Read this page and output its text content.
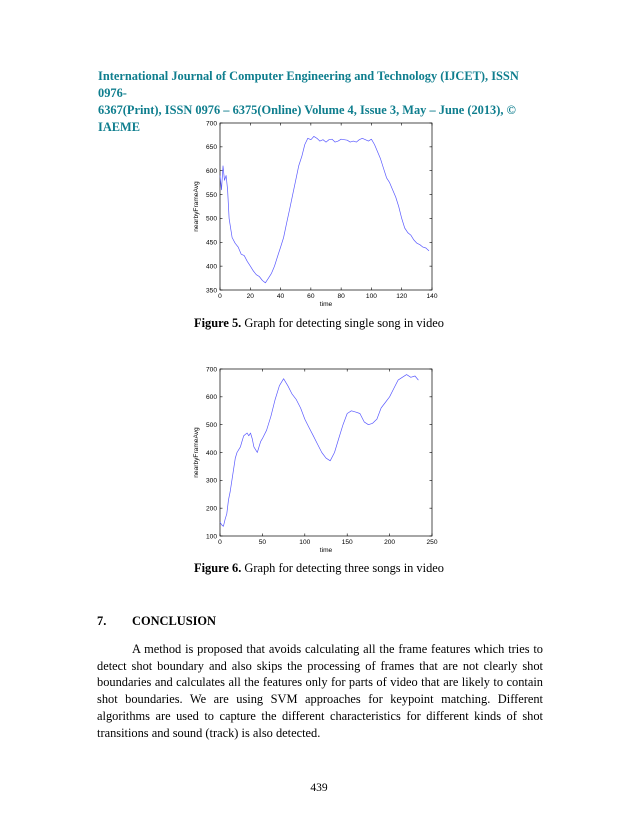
International Journal of Computer Engineering and Technology (IJCET), ISSN 0976-
6367(Print), ISSN 0976 – 6375(Online) Volume 4, Issue 3, May – June (2013), © IAEME
0	20	40	60	80	100	120	140
350
400
450
500
550
600
650
700
time
nearbyFrameAvg
Figure 5. Graph for detecting single song in video
0	50	100	150	200	250
100
200
300
400
500
600
700
time
nearbyFrameAvg
Figure 6. Graph for detecting three songs in video
7. CONCLUSION

A method is proposed that avoids calculating all the frame features which tries to detect shot boundary and also skips the processing of frames that are not clearly shot boundaries and calculates all the features only for parts of video that are likely to contain shot boundaries. We are using SVM approaches for keypoint matching. Different algorithms are used to capture the different characteristics for different kinds of shot transitions and sound (track) is also detected.

439
